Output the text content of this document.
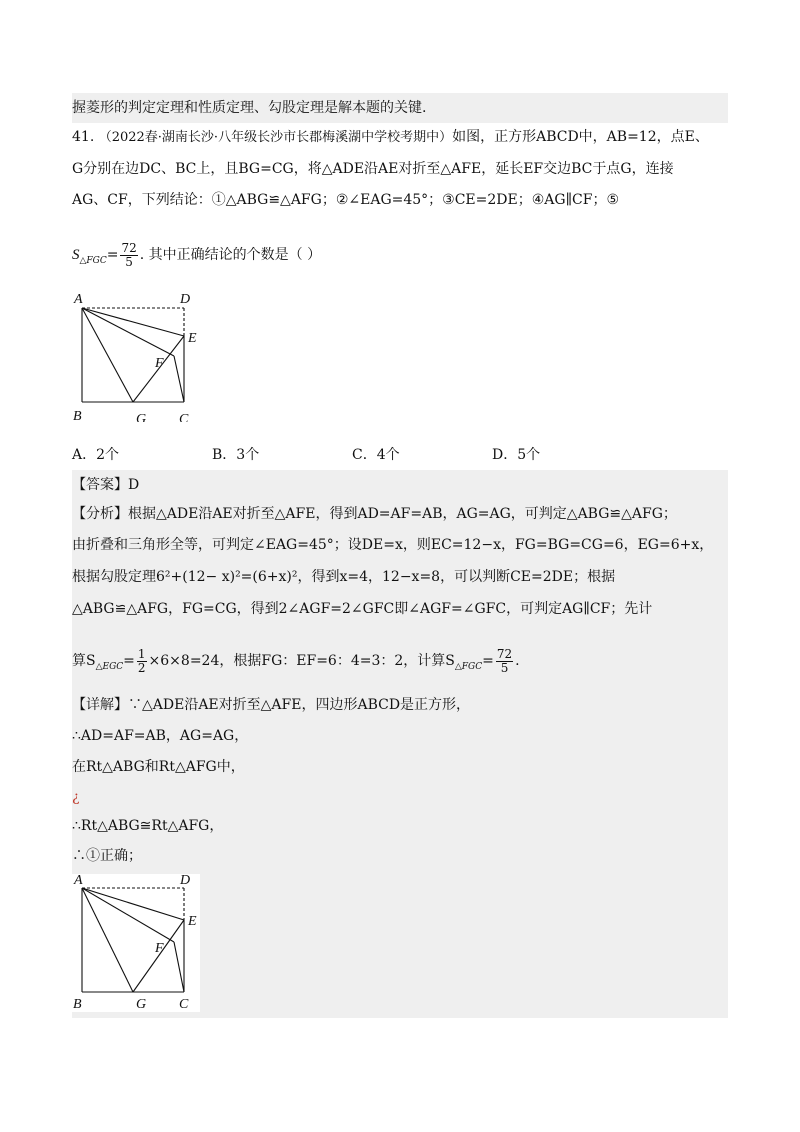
握菱形的判定定理和性质定理、勾股定理是解本题的关键.
41. （2022春·湖南长沙·八年级长沙市长郡梅溪湖中学校考期中）如图，正方形ABCD中，AB=12，点E、
G分别在边DC、BC上，且BG=CG，将△ADE沿AE对折至△AFE，延长EF交边BC于点G，连接
AG、CF，下列结论：①△ABG≌△AFG；②∠EAG=45°；③CE=2DE；④AG∥CF；⑤
$S_{\triangle FGC}= \frac{72}{5}$ . 其中正确结论的个数是（ ）
A	D
E
F
B	G C
A．2个	B．3个	C．4个	D．5个
【答案】D
【分析】根据△ADE沿AE对折至△AFE，得到AD=AF=AB，AG=AG，可判定△ABG≌△AFG；
由折叠和三角形全等，可判定∠EAG=45°；设DE=x，则EC=12−x，FG=BG=CG=6，EG=6+x，
根据勾股定理6²+(12− x)²=(6+x)²，得到x=4，12−x=8，可以判断CE=2DE；根据
△ABG≌△AFG，FG=CG，得到2∠AGF=2∠GFC即∠AGF=∠GFC，可判定AG∥CF；先计
算$S_{\triangle EGC}= \frac{1}{2} \times 6\times 8=24$，根据FG：EF=6：4=3：2，计算$S_{\triangle FGC}= \frac{72}{5}$ .
【详解】∵△ADE沿AE对折至△AFE，四边形ABCD是正方形，
∴AD=AF=AB，AG=AG，
在Rt△ABG和Rt△AFG中，
¿
∴Rt△ABG≅Rt△AFG，
∴①正确；
A	D
E
F
B	G C
